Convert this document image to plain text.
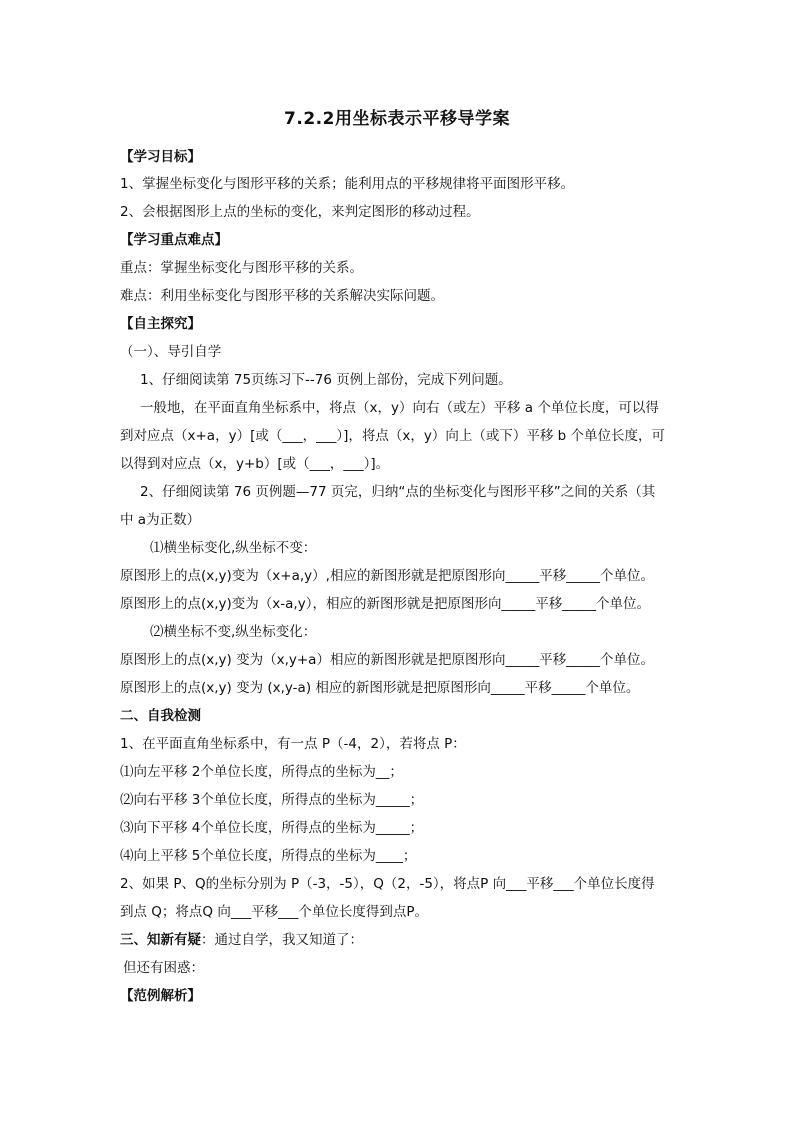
7.2.2用坐标表示平移导学案
【学习目标】
1、掌握坐标变化与图形平移的关系；能利用点的平移规律将平面图形平移。
2、会根据图形上点的坐标的变化，来判定图形的移动过程。
【学习重点难点】
重点：掌握坐标变化与图形平移的关系。
难点：利用坐标变化与图形平移的关系解决实际问题。
【自主探究】
（一）、导引自学
1、仔细阅读第 75页练习下--76 页例上部份，完成下列问题。
一般地，在平面直角坐标系中，将点（x，y）向右（或左）平移 a 个单位长度，可以得
到对应点（x+a，y）[或（___，___）]，将点（x，y）向上（或下）平移 b 个单位长度，可
以得到对应点（x，y+b）[或（___，___）]。
2、仔细阅读第 76 页例题—77 页完，归纳“点的坐标变化与图形平移”之间的关系（其
中 a为正数）
⑴横坐标变化,纵坐标不变：
原图形上的点(x,y)变为（x+a,y）,相应的新图形就是把原图形向_____平移_____个单位。
原图形上的点(x,y)变为（x-a,y），相应的新图形就是把原图形向_____平移_____个单位。
⑵横坐标不变,纵坐标变化：
原图形上的点(x,y) 变为（x,y+a）相应的新图形就是把原图形向_____平移_____个单位。
原图形上的点(x,y) 变为 (x,y-a) 相应的新图形就是把原图形向_____平移_____个单位。
二、自我检测
1、在平面直角坐标系中，有一点 P（-4，2），若将点 P：
⑴向左平移 2个单位长度，所得点的坐标为__；
⑵向右平移 3个单位长度，所得点的坐标为_____；
⑶向下平移 4个单位长度，所得点的坐标为_____；
⑷向上平移 5个单位长度，所得点的坐标为____；
2、如果 P、Q的坐标分别为 P（-3，-5），Q（2，-5），将点P 向___平移___个单位长度得
到点 Q；将点Q 向___平移___个单位长度得到点P。
三、知新有疑：通过自学，我又知道了：
但还有困惑：
【范例解析】
